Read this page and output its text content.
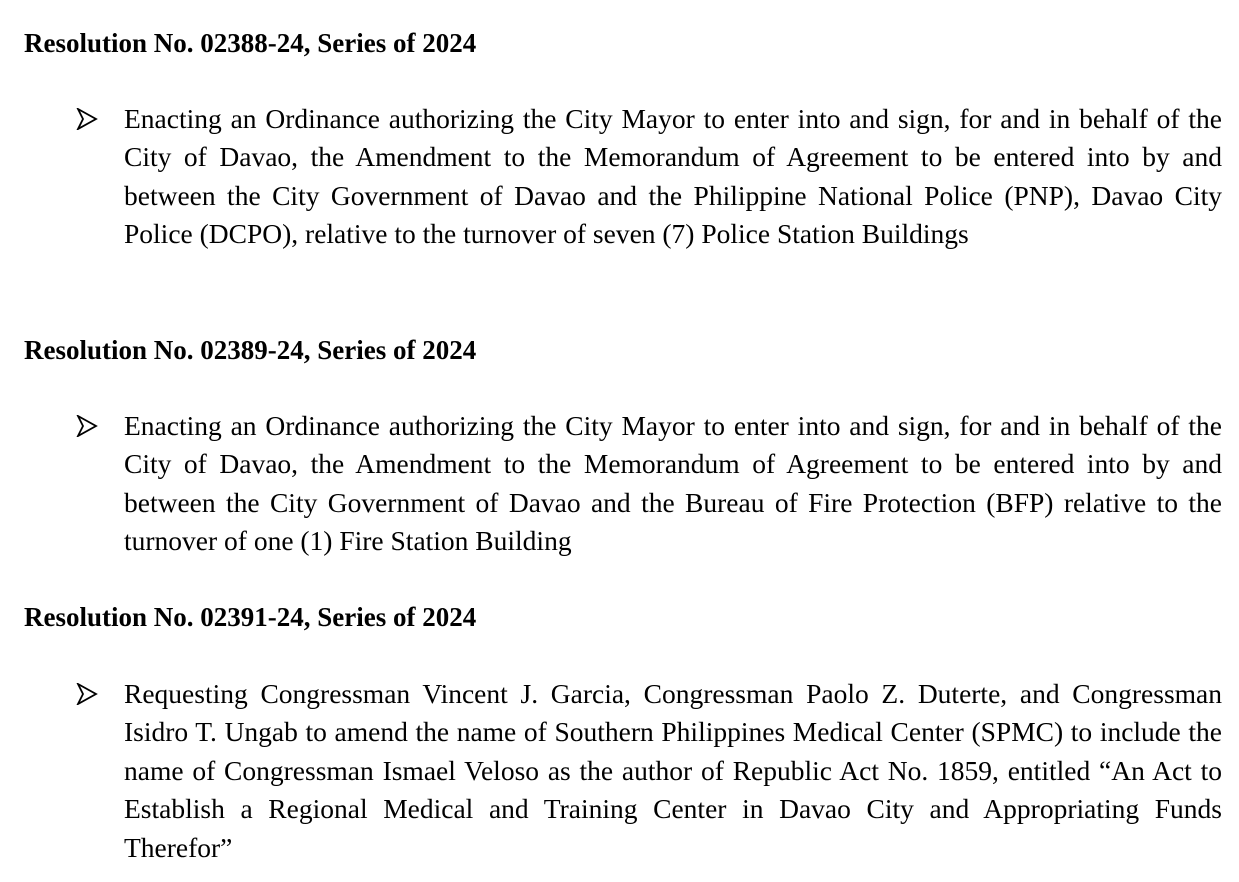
Resolution No. 02388-24, Series of 2024
Enacting an Ordinance authorizing the City Mayor to enter into and sign, for and in behalf of the City of Davao, the Amendment to the Memorandum of Agreement to be entered into by and between the City Government of Davao and the Philippine National Police (PNP), Davao City Police (DCPO), relative to the turnover of seven (7) Police Station Buildings
Resolution No. 02389-24, Series of 2024
Enacting an Ordinance authorizing the City Mayor to enter into and sign, for and in behalf of the City of Davao, the Amendment to the Memorandum of Agreement to be entered into by and between the City Government of Davao and the Bureau of Fire Protection (BFP) relative to the turnover of one (1) Fire Station Building
Resolution No. 02391-24, Series of 2024
Requesting Congressman Vincent J. Garcia, Congressman Paolo Z. Duterte, and Congressman Isidro T. Ungab to amend the name of Southern Philippines Medical Center (SPMC) to include the name of Congressman Ismael Veloso as the author of Republic Act No. 1859, entitled “An Act to Establish a Regional Medical and Training Center in Davao City and Appropriating Funds Therefor”
